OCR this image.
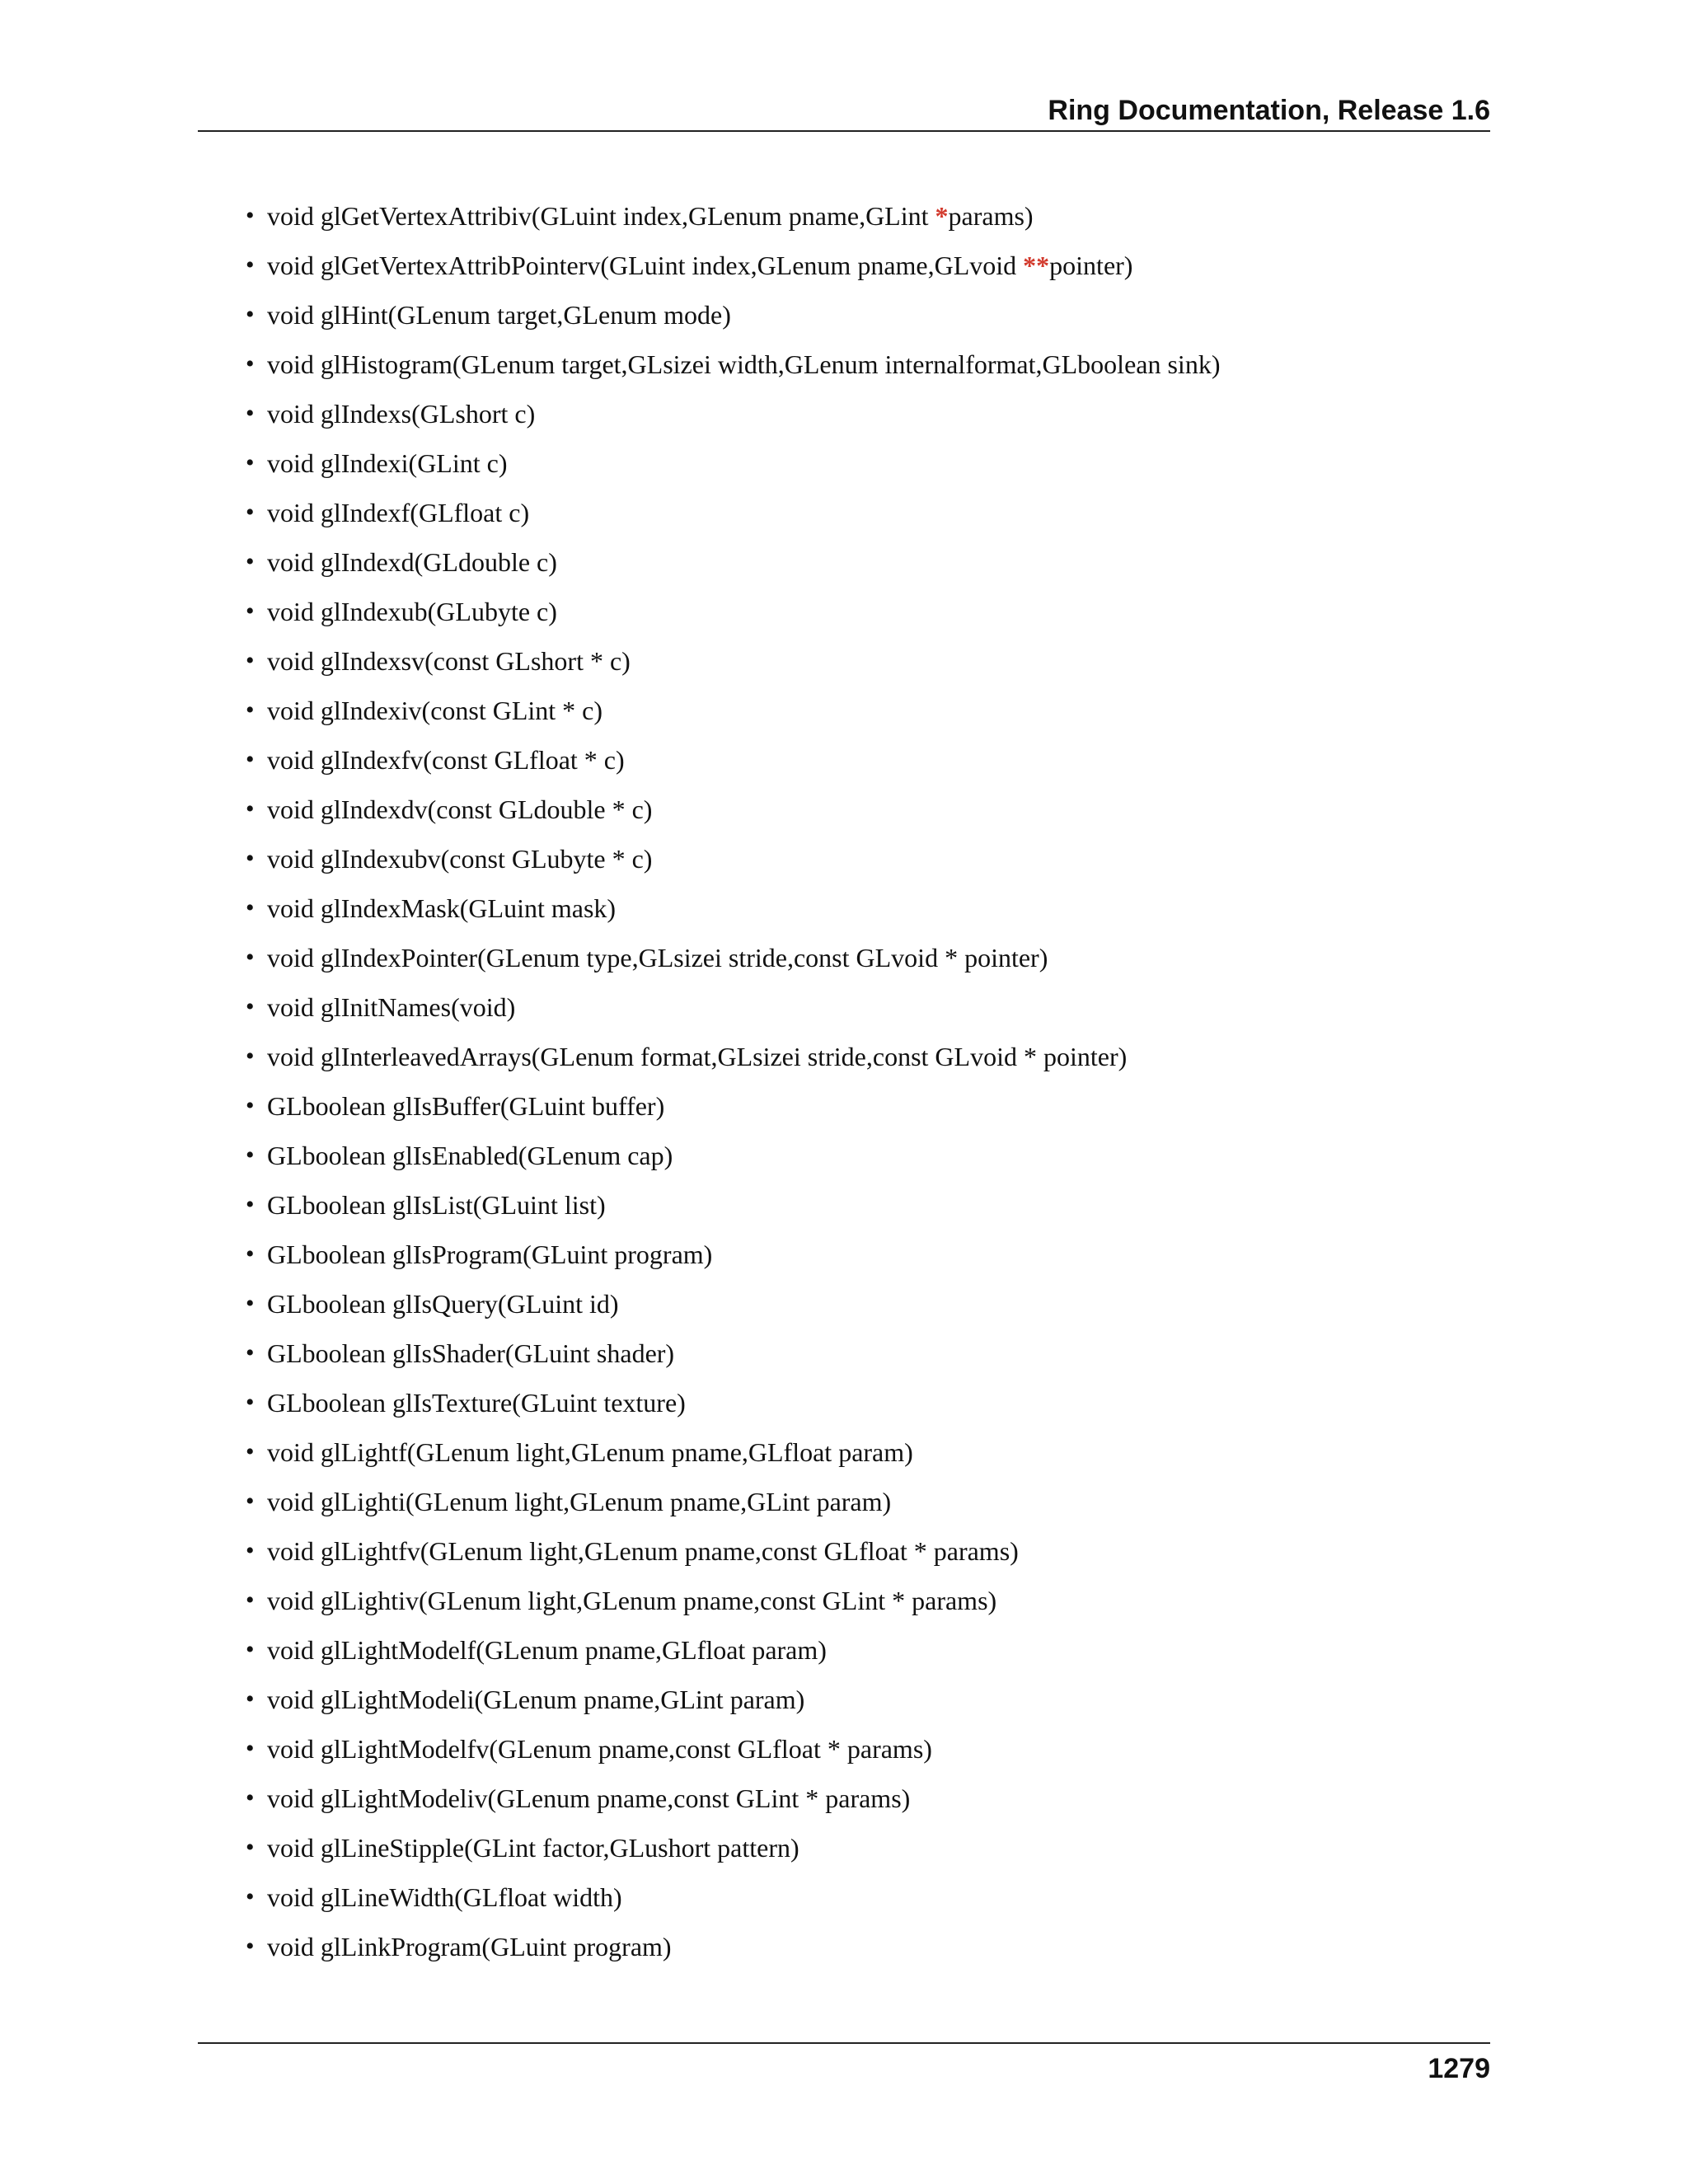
Ring Documentation, Release 1.6
• void glGetVertexAttribiv(GLuint index,GLenum pname,GLint *params)
• void glGetVertexAttribPointerv(GLuint index,GLenum pname,GLvoid **pointer)
• void glHint(GLenum target,GLenum mode)
• void glHistogram(GLenum target,GLsizei width,GLenum internalformat,GLboolean sink)
• void glIndexs(GLshort c)
• void glIndexi(GLint c)
• void glIndexf(GLfloat c)
• void glIndexd(GLdouble c)
• void glIndexub(GLubyte c)
• void glIndexsv(const GLshort * c)
• void glIndexiv(const GLint * c)
• void glIndexfv(const GLfloat * c)
• void glIndexdv(const GLdouble * c)
• void glIndexubv(const GLubyte * c)
• void glIndexMask(GLuint mask)
• void glIndexPointer(GLenum type,GLsizei stride,const GLvoid * pointer)
• void glInitNames(void)
• void glInterleavedArrays(GLenum format,GLsizei stride,const GLvoid * pointer)
• GLboolean glIsBuffer(GLuint buffer)
• GLboolean glIsEnabled(GLenum cap)
• GLboolean glIsList(GLuint list)
• GLboolean glIsProgram(GLuint program)
• GLboolean glIsQuery(GLuint id)
• GLboolean glIsShader(GLuint shader)
• GLboolean glIsTexture(GLuint texture)
• void glLightf(GLenum light,GLenum pname,GLfloat param)
• void glLighti(GLenum light,GLenum pname,GLint param)
• void glLightfv(GLenum light,GLenum pname,const GLfloat * params)
• void glLightiv(GLenum light,GLenum pname,const GLint * params)
• void glLightModelf(GLenum pname,GLfloat param)
• void glLightModeli(GLenum pname,GLint param)
• void glLightModelfv(GLenum pname,const GLfloat * params)
• void glLightModeliv(GLenum pname,const GLint * params)
• void glLineStipple(GLint factor,GLushort pattern)
• void glLineWidth(GLfloat width)
• void glLinkProgram(GLuint program)
1279
